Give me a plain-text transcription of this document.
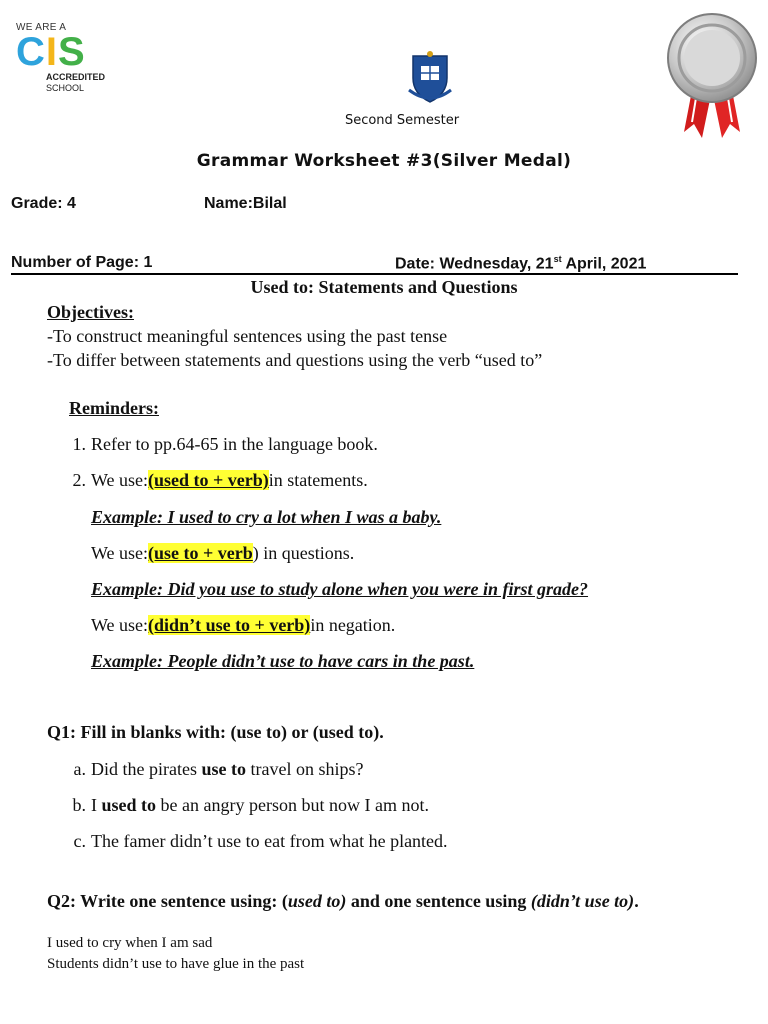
WE ARE A
CIS
ACCREDITED
SCHOOL
Second Semester
Grammar Worksheet #3(Silver Medal)
Grade: 4	Name:Bilal
Number of Page: 1	Date: Wednesday, 21st April, 2021
Used to: Statements and Questions
Objectives:
-To construct meaningful sentences using the past tense
-To differ between statements and questions using the verb “used to”
Reminders:
1. Refer to pp.64-65 in the language book.
2. We use:(used to + verb)in statements.
Example: I used to cry a lot when I was a baby.
We use:(use to + verb) in questions.
Example: Did you use to study alone when you were in first grade?
We use:(didn’t use to + verb)in negation.
Example: People didn’t use to have cars in the past.
Q1: Fill in blanks with: (use to) or (used to).
a. Did the pirates use to travel on ships?
b. I used to be an angry person but now I am not.
c. The famer didn’t use to eat from what he planted.
Q2: Write one sentence using: (used to) and one sentence using (didn’t use to).
I used to cry when I am sad
Students didn’t use to have glue in the past
